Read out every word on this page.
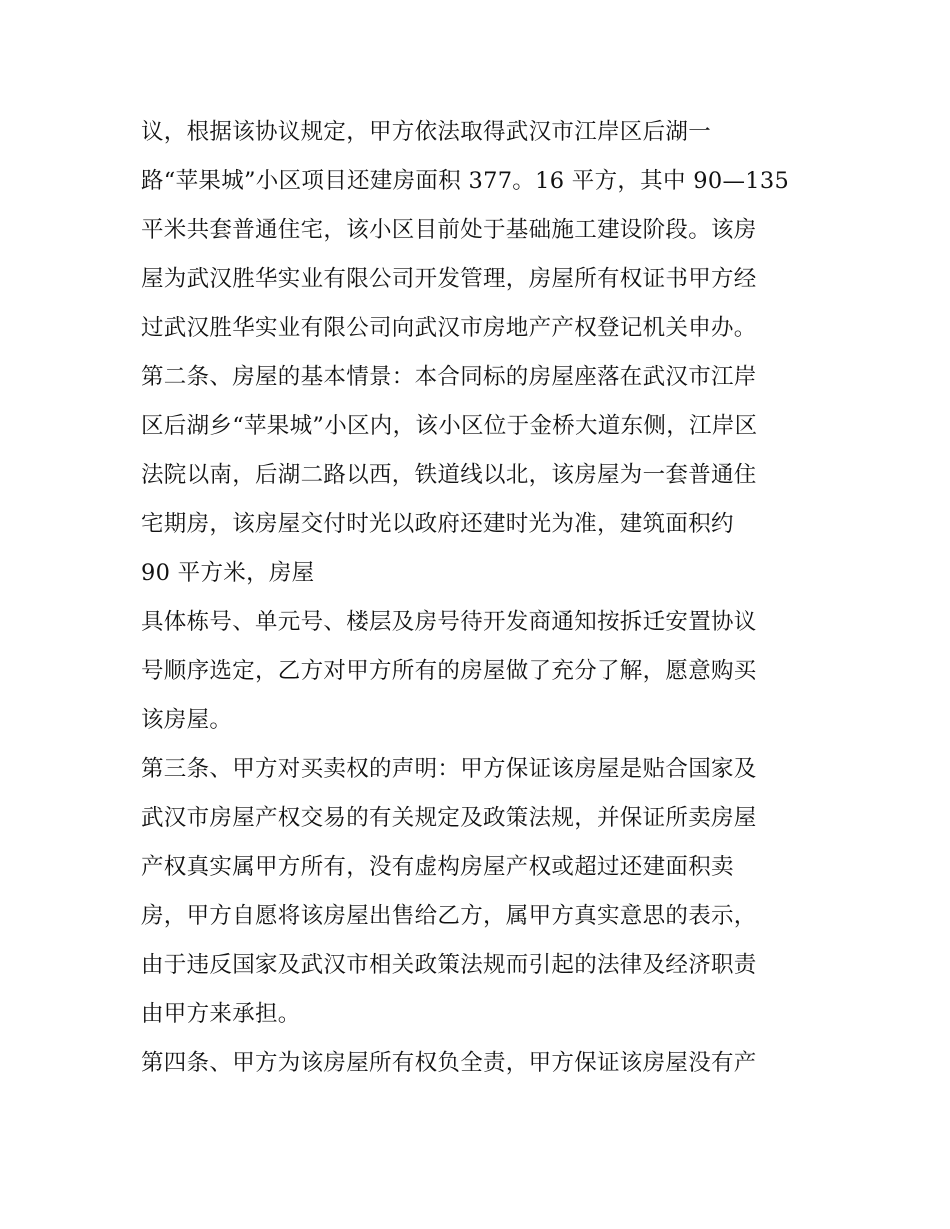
议，根据该协议规定，甲方依法取得武汉市江岸区后湖一
路“苹果城”小区项目还建房面积 377。16 平方，其中 90—135
平米共套普通住宅，该小区目前处于基础施工建设阶段。该房
屋为武汉胜华实业有限公司开发管理，房屋所有权证书甲方经
过武汉胜华实业有限公司向武汉市房地产产权登记机关申办。
第二条、房屋的基本情景：本合同标的房屋座落在武汉市江岸
区后湖乡“苹果城”小区内，该小区位于金桥大道东侧，江岸区
法院以南，后湖二路以西，铁道线以北，该房屋为一套普通住
宅期房，该房屋交付时光以政府还建时光为准，建筑面积约
90 平方米，房屋
具体栋号、单元号、楼层及房号待开发商通知按拆迁安置协议
号顺序选定，乙方对甲方所有的房屋做了充分了解，愿意购买
该房屋。
第三条、甲方对买卖权的声明：甲方保证该房屋是贴合国家及
武汉市房屋产权交易的有关规定及政策法规，并保证所卖房屋
产权真实属甲方所有，没有虚构房屋产权或超过还建面积卖
房，甲方自愿将该房屋出售给乙方，属甲方真实意思的表示，
由于违反国家及武汉市相关政策法规而引起的法律及经济职责
由甲方来承担。
第四条、甲方为该房屋所有权负全责，甲方保证该房屋没有产
